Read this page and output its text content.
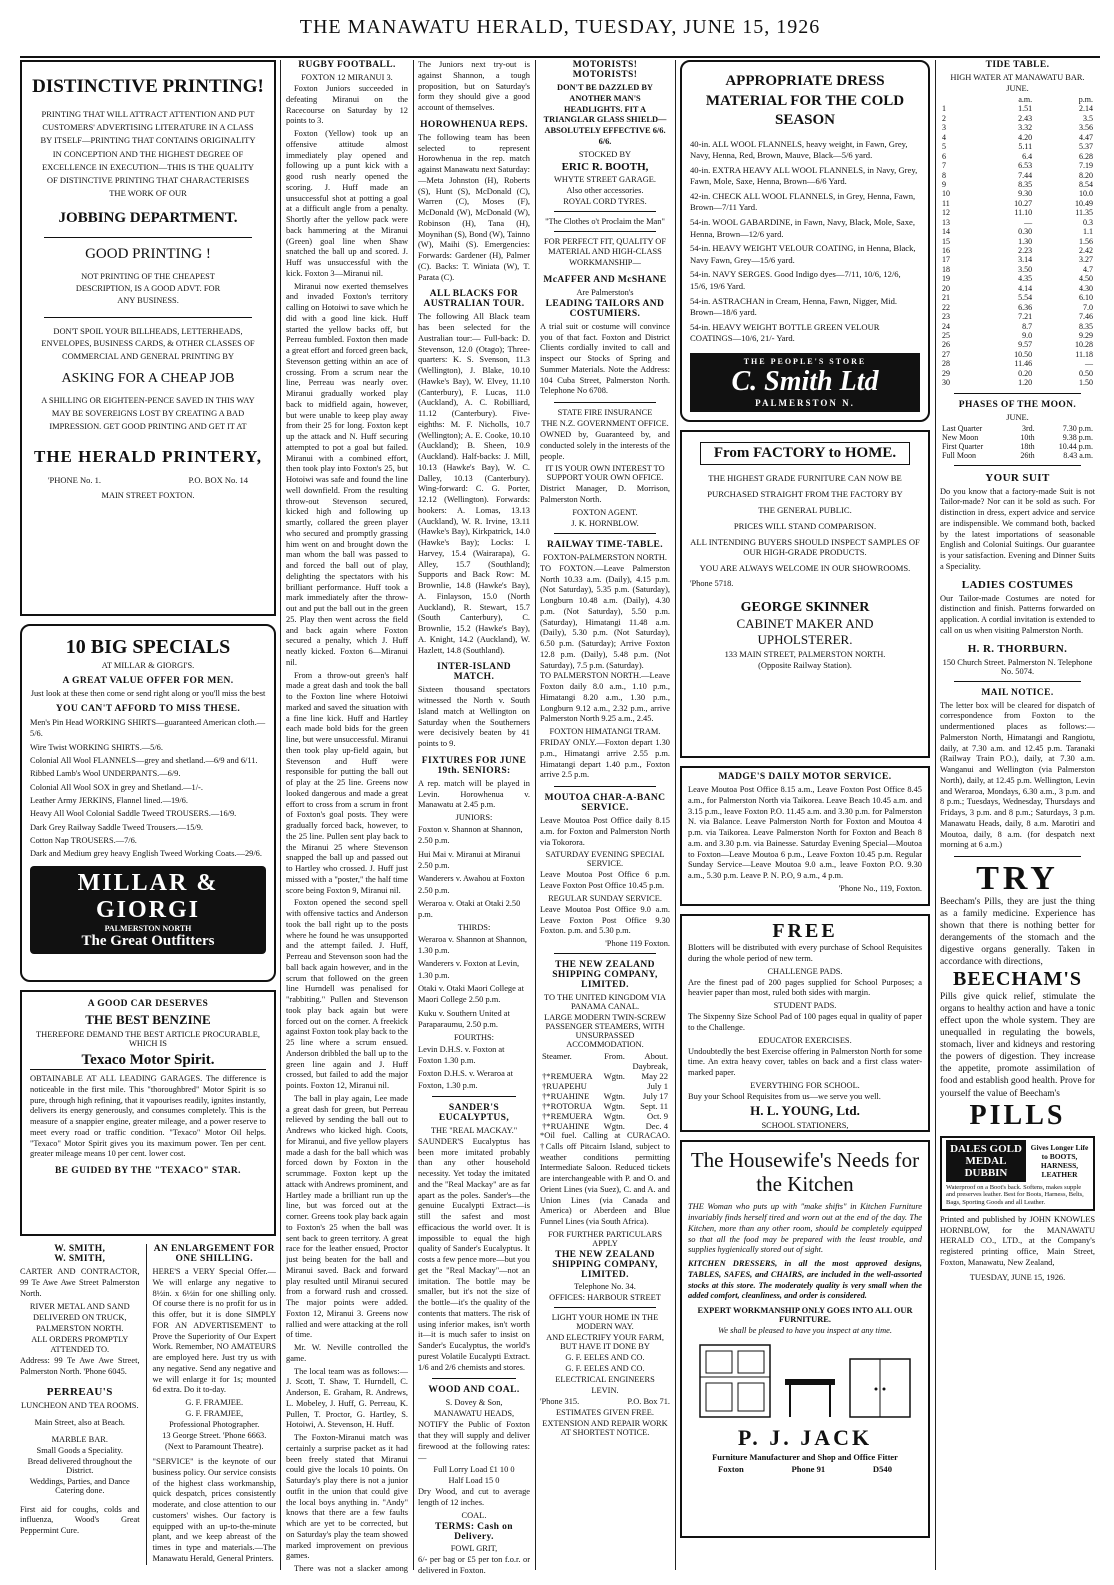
THE MANAWATU HERALD, TUESDAY, JUNE 15, 1926
DISTINCTIVE PRINTING!
PRINTING THAT WILL ATTRACT ATTENTION AND PUT CUSTOMERS' ADVERTISING LITERATURE IN A CLASS BY ITSELF—PRINTING THAT CONTAINS ORIGINALITY IN CONCEPTION AND THE HIGHEST DEGREE OF EXCELLENCE IN EXECUTION—THIS IS THE QUALITY OF DISTINCTIVE PRINTING THAT CHARACTERISES THE WORK OF OUR
JOBBING DEPARTMENT.
GOOD PRINTING !
NOT PRINTING OF THE CHEAPEST DESCRIPTION, IS A GOOD ADVT. FOR ANY BUSINESS.
DON'T SPOIL YOUR BILLHEADS, LETTERHEADS, ENVELOPES, BUSINESS CARDS, & OTHER CLASSES OF COMMERCIAL AND GENERAL PRINTING BY
ASKING FOR A CHEAP JOB
A SHILLING OR EIGHTEEN-PENCE SAVED IN THIS WAY MAY BE SOVEREIGNS LOST BY CREATING A BAD IMPRESSION. GET GOOD PRINTING AND GET IT AT
THE HERALD PRINTERY,
'PHONE No. 1.	P.O. BOX No. 14
MAIN STREET FOXTON.
10 BIG SPECIALS
AT MILLAR & GIORGI'S.
A GREAT VALUE OFFER FOR MEN.
Just look at these then come or send right along or you'll miss the best
YOU CAN'T AFFORD TO MISS THESE.
Men's Pin Head WORKING SHIRTS—guaranteed American cloth.—5/6.
Wire Twist WORKING SHIRTS.—5/6.
Colonial All Wool FLANNELS—grey and shetland.—6/9 and 6/11.
Ribbed Lamb's Wool UNDERPANTS.—6/9.
Colonial All Wool SOX in grey and Shetland.—1/-.
Leather Army JERKINS, Flannel lined.—19/6.
Heavy All Wool Colonial Saddle Tweed TROUSERS.—16/9.
Dark Grey Railway Saddle Tweed Trousers.—15/9.
Cotton Nap TROUSERS.—7/6.
Dark and Medium grey heavy English Tweed Working Coats.—29/6.
MILLAR & GIORGI
PALMERSTON NORTH
The Great Outfitters
A GOOD CAR DESERVES
THE BEST BENZINE
THEREFORE DEMAND THE BEST ARTICLE PROCURABLE, WHICH IS
Texaco Motor Spirit.
OBTAINABLE AT ALL LEADING GARAGES. The difference is noticeable in the first mile. This "thoroughbred" Motor Spirit is so pure, through high refining, that it vapourises readily, ignites instantly, delivers its energy generously, and consumes completely. This is the measure of a snappier engine, greater mileage, and a power reserve to meet every road or traffic condition. "Texaco" Motor Oil helps. "Texaco" Motor Spirit gives you its maximum power. Ten per cent. greater mileage means 10 per cent. lower cost.
BE GUIDED BY THE "TEXACO" STAR.
W. SMITH,
W. SMITH,
CARTER AND CONTRACTOR, 99 Te Awe Awe Street Palmerston North.
RIVER METAL AND SAND DELIVERED ON TRUCK, PALMERSTON NORTH.
ALL ORDERS PROMPTLY ATTENDED TO.
Address: 99 Te Awe Awe Street, Palmerston North. 'Phone 6045.
PERREAU'S
LUNCHEON AND TEA ROOMS.
Main Street, also at Beach.
MARBLE BAR.
Small Goods a Speciality.
Bread delivered throughout the District.
Weddings, Parties, and Dance Catering done.
First aid for coughs, colds and influenza, Wood's Great Peppermint Cure.
AN ENLARGEMENT FOR ONE SHILLING.
HERE'S a VERY Special Offer.—We will enlarge any negative to 8½in. x 6½in for one shilling only. Of course there is no profit for us in this offer, but it is done SIMPLY FOR AN ADVERTISEMENT to Prove the Superiority of Our Expert Work. Remember, NO AMATEURS are employed here. Just try us with any negative. Send any negative and we will enlarge it for 1s; mounted 6d extra. Do it to-day.
G. F. FRAMJEE.
G. F. FRAMJEE,
Professional Photographer.
13 George Street. 'Phone 6663.
(Next to Paramount Theatre).
"SERVICE" is the keynote of our business policy. Our service consists of the highest class workmanship, quick despatch, prices consistently moderate, and close attention to our customers' wishes. Our factory is equipped with an up-to-the-minute plant, and we keep abreast of the times in type and materials.—The Manawatu Herald, General Printers.
RUGBY FOOTBALL.
FOXTON 12 MIRANUI 3.

Foxton Juniors succeeded in defeating Miranui on the Racecourse on Saturday by 12 points to 3.

Foxton (Yellow) took up an offensive attitude almost immediately play opened and following up a punt kick with a good rush nearly opened the scoring. J. Huff made an unsuccessful shot at potting a goal at a difficult angle from a penalty. Shortly after the yellow pack were back hammering at the Miranui (Green) goal line when Shaw snatched the ball up and scored. J. Huff was unsuccessful with the kick. Foxton 3—Miranui nil.

Miranui now exerted themselves and invaded Foxton's territory calling on Hotoiwi to save which he did with a good line kick. Huff started the yellow backs off, but Perreau fumbled. Foxton then made a great effort and forced green back, Stevenson getting within an ace of crossing. From a scrum near the line, Perreau was nearly over. Miranui gradually worked play back to midfield again, however, but were unable to keep play away from their 25 for long. Foxton kept up the attack and N. Huff securing attempted to pot a goal but failed. Miranui with a combined effort, then took play into Foxton's 25, but Hotoiwi was safe and found the line well downfield. From the resulting throw-out Stevenson secured, kicked high and following up smartly, collared the green player who secured and promptly grassing him went on and brought down the man whom the ball was passed to and forced the ball out of play, delighting the spectators with his brilliant performance. Huff took a mark immediately after the throw-out and put the ball out in the green 25. Play then went across the field and back again where Foxton secured a penalty, which J. Huff neatly kicked. Foxton 6—Miranui nil.

From a throw-out green's half made a great dash and took the ball to the Foxton line where Hotoiwi marked and saved the situation with a fine line kick. Huff and Hartley each made bold bids for the green line, but were unsuccessful. Miranui then took play up-field again, but Stevenson and Huff were responsible for putting the ball out of play at the 25 line. Greens now looked dangerous and made a great effort to cross from a scrum in front of Foxton's goal posts. They were gradually forced back, however, to the 25 line. Pullen sent play back to the Miranui 25 where Stevenson snapped the ball up and passed out to Hartley who crossed. J. Huff just missed with a "poster," the half time score being Foxton 9, Miranui nil.

Foxton opened the second spell with offensive tactics and Anderson took the ball right up to the posts where he found he was unsupported and the attempt failed. J. Huff, Perreau and Stevenson soon had the ball back again however, and in the scrum that followed on the green line Hurndell was penalised for "rabbiting." Pullen and Stevenson took play back again but were forced out on the corner. A freekick against Foxton took play back to the 25 line where a scrum ensued. Anderson dribbled the ball up to the green line again and J. Huff crossed, but failed to add the major points. Foxton 12, Miranui nil.

The ball in play again, Lee made a great dash for green, but Perreau relieved by sending the ball out to Andrews who kicked high. Coots, for Miranui, and five yellow players made a dash for the ball which was forced down by Foxton in the scrummage. Foxton kept up the attack with Andrews prominent, and Hartley made a brilliant run up the line, but was forced out at the corner. Greens took play back again to Foxton's 25 when the ball was sent back to green territory. A great race for the leather ensued, Proctor just being beaten for the ball and Miranui saved. Back and forward play resulted until Miranui secured from a forward rush and crossed. The major points were added. Foxton 12, Miranui 3. Greens now rallied and were attacking at the roll of time.

Mr. W. Neville controlled the game.

The local team was as follows:—J. Scott, T. Shaw, T. Hurndell, C. Anderson, E. Graham, R. Andrews, L. Mobeley, J. Huff, G. Perreau, K. Pullen, T. Proctor, G. Hartley, S. Hotoiwi, A. Stevenson, H. Huff.

The Foxton-Miranui match was certainly a surprise packet as it had been freely stated that Miranui could give the locals 10 points. On Saturday's play there is not a junior outfit in the union that could give the local boys anything in. "Andy" knows that there are a few faults which are yet to be corrected, but on Saturday's play the team showed marked improvement on previous games.

There was not a slacker among

The Juniors next try-out is against Shannon, a tough proposition, but on Saturday's form they should give a good account of themselves.
HOROWHENUA REPS.
The following team has been selected to represent Horowhenua in the rep. match against Manawatu next Saturday:—Meta Johnston (H), Roberts (S), Hunt (S), McDonald (C), Warren (C), Moses (F), McDonald (W), McDonald (W), Robinson (H), Tana (H), Moynihan (S), Bond (W), Tainno (W), Maihi (S). Emergencies: Forwards: Gardener (H), Palmer (C). Backs: T. Winiata (W), T. Parata (C).
ALL BLACKS FOR AUSTRALIAN TOUR.
The following All Black team has been selected for the Australian tour:— Full-back: D. Stevenson, 12.0 (Otago); Three-quarters: K. S. Svenson, 11.3 (Wellington), J. Blake, 10.10 (Hawke's Bay), W. Elvey, 11.10 (Canterbury), F. Lucas, 11.0 (Auckland), A. C. Robilliard, 11.12 (Canterbury). Five-eighths: M. F. Nicholls, 10.7 (Wellington); A. E. Cooke, 10.10 (Auckland); B. Sheen, 10.9 (Auckland). Half-backs: J. Mill, 10.13 (Hawke's Bay), W. C. Dalley, 10.13 (Canterbury). Wing-forward: C. G. Porter, 12.12 (Wellington). Forwards: hookers: A. Lomas, 13.13 (Auckland), W. R. Irvine, 13.11 (Hawke's Bay), Kirkpatrick, 14.0 (Hawke's Bay); Locks: I. Harvey, 15.4 (Wairarapa), G. Alley, 15.7 (Southland); Supports and Back Row: M. Brownlie, 14.8 (Hawke's Bay), A. Finlayson, 15.0 (North Auckland), R. Stewart, 15.7 (South Canterbury), C. Brownlie, 15.2 (Hawke's Bay), A. Knight, 14.2 (Auckland), W. Hazlett, 14.8 (Southland).
INTER-ISLAND MATCH.
Sixteen thousand spectators witnessed the North v. South Island match at Wellington on Saturday when the Southerners were decisively beaten by 41 points to 9.
FIXTURES FOR JUNE 19th. SENIORS:
A rep. match will be played in Levin. Horowhenua v. Manawatu at 2.45 p.m.
JUNIORS:
Foxton v. Shannon at Shannon, 2.50 p.m.
Hui Mai v. Miranui at Miranui 2.50 p.m.
Wanderers v. Awahou at Foxton 2.50 p.m.
Weraroa v. Otaki at Otaki 2.50 p.m.
THIRDS:
Weraroa v. Shannon at Shannon, 1.30 p.m.
Wanderers v. Foxton at Levin, 1.30 p.m.
Otaki v. Otaki Maori College at Maori College 2.50 p.m.
Kuku v. Southern United at Paraparaumu, 2.50 p.m.
FOURTHS:
Levin D.H.S. v. Foxton at Foxton 1.30 p.m.
Foxton D.H.S. v. Weraroa at Foxton, 1.30 p.m.
SANDER'S EUCALYPTUS,
THE "REAL MACKAY."
SAUNDER'S Eucalyptus has been more imitated probably than any other household necessity. Yet today the imitated and the "Real Mackay" are as far apart as the poles. Sander's—the genuine Eucalypti Extract—is still the safest and most efficacious the world over. It is impossible to equal the high quality of Sander's Eucalyptus. It costs a few pence more—but you get the "Real Mackay"—not an imitation. The bottle may be smaller, but it's not the size of the bottle—it's the quality of the contents that matters. The risk of using inferior makes, isn't worth it—it is much safer to insist on Sander's Eucalyptus, the world's purest Volatile Eucalypti Extract. 1/6 and 2/6 chemists and stores.
WOOD AND COAL.
S. Dovey & Son,
MANAWATU HEADS,
NOTIFY the Public of Foxton that they will supply and deliver firewood at the following rates:—
Full Lorry Load £1 10 0
Half Load 15 0
Dry Wood, and cut to average length of 12 inches.
COAL.
TERMS: Cash on Delivery.
FOWL GRIT,
6/- per bag or £5 per ton f.o.r. or delivered in Foxton.
MOTORISTS! MOTORISTS!
DON'T BE DAZZLED BY ANOTHER MAN'S HEADLIGHTS. FIT A TRIANGLAR GLASS SHIELD—ABSOLUTELY EFFECTIVE 6/6. 6/6.
STOCKED BY
ERIC R. BOOTH,
WHYTE STREET GARAGE.
Also other accessories.
ROYAL CORD TYRES.
"The Clothes o't Proclaim the Man"
FOR PERFECT FIT, QUALITY OF MATERIAL AND HIGH-CLASS WORKMANSHIP—
McAFFER AND McSHANE
Are Palmerston's
LEADING TAILORS AND COSTUMIERS.
A trial suit or costume will convince you of that fact. Foxton and District Clients cordially invited to call and inspect our Stocks of Spring and Summer Materials. Note the Address: 104 Cuba Street, Palmerston North. Telephone No 6708.
STATE FIRE INSURANCE
THE N.Z. GOVERNMENT OFFICE.
OWNED by, Guaranteed by, and conducted solely in the interests of the people.
IT IS YOUR OWN INTEREST TO SUPPORT YOUR OWN OFFICE.
District Manager, D. Morrison, Palmerston North.
FOXTON AGENT.
J. K. HORNBLOW.
RAILWAY TIME-TABLE.
FOXTON-PALMERSTON NORTH.
TO FOXTON.—Leave Palmerston North 10.33 a.m. (Daily), 4.15 p.m. (Not Saturday), 5.35 p.m. (Saturday), Longburn 10.48 a.m. (Daily), 4.30 p.m. (Not Saturday), 5.50 p.m. (Saturday), Himatangi 11.48 a.m. (Daily), 5.30 p.m. (Not Saturday), 6.50 p.m. (Saturday); Arrive Foxton 12.8 p.m. (Daily), 5.48 p.m. (Not Saturday), 7.5 p.m. (Saturday).
TO PALMERSTON NORTH.—Leave Foxton daily 8.0 a.m., 1.10 p.m., Himatangi 8.20 a.m., 1.30 p.m., Longburn 9.12 a.m., 2.32 p.m., arrive Palmerston North 9.25 a.m., 2.45.
FOXTON HIMATANGI TRAM.
FRIDAY ONLY.—Foxton depart 1.30 p.m., Himatangi arrive 2.55 p.m. Himatangi depart 1.40 p.m., Foxton arrive 2.5 p.m.
MOUTOA CHAR-A-BANC SERVICE.
Leave Moutoa Post Office daily 8.15 a.m. for Foxton and Palmerston North via Tokorora.
SATURDAY EVENING SPECIAL SERVICE.
Leave Moutoa Post Office 6 p.m. Leave Foxton Post Office 10.45 p.m.
REGULAR SUNDAY SERVICE.
Leave Moutoa Post Office 9.0 a.m. Leave Foxton Post Office 9.30 Foxton. p.m. and 5.30 p.m.
'Phone 119 Foxton.
THE NEW ZEALAND SHIPPING COMPANY, LIMITED.
TO THE UNITED KINGDOM VIA PANAMA CANAL.
LARGE MODERN TWIN-SCREW PASSENGER STEAMERS, WITH UNSURPASSED ACCOMMODATION.
Steamer.	From.	About.
		Daybreak,
†*REMUERA	Wgtn.	May 22
†RUAPEHU		July 1
†*RUAHINE	Wgtn.	July 17
†*ROTORUA	Wgtn.	Sept. 11
†*REMUERA	Wgtn.	Oct. 9
†*RUAHINE	Wgtn.	Dec. 4
*Oil fuel. Calling at CURACAO. †Calls off Pitcairn Island, subject to weather conditions permitting Intermediate Saloon. Reduced tickets are interchangeable with P. and O. and Orient Lines (via Suez), C. and A. and Union Lines (via Canada and America) or Aberdeen and Blue Funnel Lines (via South Africa).
FOR FURTHER PARTICULARS APPLY
THE NEW ZEALAND SHIPPING COMPANY, LIMITED.
Telephone No. 34.
OFFICES: HARBOUR STREET
LIGHT YOUR HOME IN THE MODERN WAY.
AND ELECTRIFY YOUR FARM, BUT HAVE IT DONE BY
G. F. EELES AND CO.
G. F. EELES AND CO.
ELECTRICAL ENGINEERS
LEVIN.
'Phone 315.	P.O. Box 71.
ESTIMATES GIVEN FREE.
EXTENSION AND REPAIR WORK AT SHORTEST NOTICE.
APPROPRIATE DRESS MATERIAL FOR THE COLD SEASON
40-in. ALL WOOL FLANNELS, heavy weight, in Fawn, Grey, Navy, Henna, Red, Brown, Mauve, Black—5/6 yard.
40-in. EXTRA HEAVY ALL WOOL FLANNELS, in Navy, Grey, Fawn, Mole, Saxe, Henna, Brown—6/6 Yard.
42-in. CHECK ALL WOOL FLANNELS, in Grey, Henna, Fawn, Brown—7/11 Yard.
54-in. WOOL GABARDINE, in Fawn, Navy, Black, Mole, Saxe, Henna, Brown—12/6 yard.
54-in. HEAVY WEIGHT VELOUR COATING, in Henna, Black, Navy Fawn, Grey—15/6 yard.
54-in. NAVY SERGES. Good Indigo dyes—7/11, 10/6, 12/6, 15/6, 19/6 Yard.
54-in. ASTRACHAN in Cream, Henna, Fawn, Nigger, Mid. Brown—18/6 yard.
54-in. HEAVY WEIGHT BOTTLE GREEN VELOUR COATINGS—10/6, 21/- Yard.
THE PEOPLE'S STORE
C. Smith Ltd
PALMERSTON N.
From FACTORY to HOME.
THE HIGHEST GRADE FURNITURE CAN NOW BE
PURCHASED STRAIGHT FROM THE FACTORY BY
THE GENERAL PUBLIC.
PRICES WILL STAND COMPARISON.
ALL INTENDING BUYERS SHOULD INSPECT SAMPLES OF OUR HIGH-GRADE PRODUCTS.
YOU ARE ALWAYS WELCOME IN OUR SHOWROOMS.
'Phone 5718.
GEORGE SKINNER
CABINET MAKER AND UPHOLSTERER.
133 MAIN STREET, PALMERSTON NORTH.
(Opposite Railway Station).
MADGE'S DAILY MOTOR SERVICE.
Leave Moutoa Post Office 8.15 a.m., Leave Foxton Post Office 8.45 a.m., for Palmerston North via Taikorea. Leave Beach 10.45 a.m. and 3.15 p.m., leave Foxton P.O. 11.45 a.m. and 3.30 p.m. for Palmerston N. via Balance. Leave Palmerston North for Foxton and Moutoa 4 p.m. via Taikorea. Leave Palmerston North for Foxton and Beach 8 a.m. and 3.30 p.m. via Bainesse. Saturday Evening Special—Moutoa to Foxton—Leave Moutoa 6 p.m., Leave Foxton 10.45 p.m. Regular Sunday Service—Leave Moutoa 9.0 a.m., leave Foxton P.O. 9.30 a.m., 5.30 p.m. Leave P. N. P.O, 9 a.m., 4 p.m.
'Phone No., 119, Foxton.
FREE
Blotters will be distributed with every purchase of School Requisites during the whole period of new term.
CHALLENGE PADS.
Are the finest pad of 200 pages supplied for School Purposes; a heavier paper than most, ruled both sides with margin.
STUDENT PADS.
The Sixpenny Size School Pad of 100 pages equal in quality of paper to the Challenge.
EDUCATOR EXERCISES.
Undoubtedly the best Exercise offering in Palmerston North for some time. An extra heavy cover, tables on back and a first class water-marked paper.
EVERYTHING FOR SCHOOL.
Buy your School Requisites from us—we serve you well.
H. L. YOUNG, Ltd.
SCHOOL STATIONERS,
The Housewife's Needs for the Kitchen
THE Woman who puts up with "make shifts" in Kitchen Furniture invariably finds herself tired and worn out at the end of the day. The Kitchen, more than any other room, should be completely equipped so that all the food may be prepared with the least trouble, and supplies hygienically stored out of sight.
KITCHEN DRESSERS, in all the most approved designs, TABLES, SAFES, and CHAIRS, are included in the well-assorted stocks at this store. The moderately quality is very small when the added comfort, cleanliness, and order is considered.
EXPERT WORKMANSHIP ONLY GOES INTO ALL OUR FURNITURE.
We shall be pleased to have you inspect at any time.
P. J. JACK
Furniture Manufacturer and Shop and Office Fitter
Foxton	Phone 91	D540
TIDE TABLE.
HIGH WATER AT MANAWATU BAR.
JUNE.
	a.m.	p.m.
1	1.51	2.14
2	2.43	3.5
3	3.32	3.56
4	4.20	4.47
5	5.11	5.37
6	6.4	6.28
7	6.53	7.19
8	7.44	8.20
9	8.35	8.54
10	9.30	10.0
11	10.27	10.49
12	11.10	11.35
13	—	0.3
14	0.30	1.1
15	1.30	1.56
16	2.23	2.42
17	3.14	3.27
18	3.50	4.7
19	4.35	4.50
20	4.14	4.30
21	5.54	6.10
22	6.36	7.0
23	7.21	7.46
24	8.7	8.35
25	9.0	9.29
26	9.57	10.28
27	10.50	11.18
28	11.46	—
29	0.20	0.50
30	1.20	1.50
PHASES OF THE MOON.
JUNE.
Last Quarter	3rd.	7.30 p.m.
New Moon	10th	9.38 p.m.
First Quarter	18th	10.44 p.m.
Full Moon	26th	8.43 a.m.
YOUR SUIT
Do you know that a factory-made Suit is not Tailor-made? Nor can it be sold as such. For distinction in dress, expert advice and service are indispensible. We command both, backed by the latest importations of seasonable English and Colonial Suitings. Our guarantee is your satisfaction. Evening and Dinner Suits a Speciality.
LADIES COSTUMES
Our Tailor-made Costumes are noted for distinction and finish. Patterns forwarded on application. A cordial invitation is extended to call on us when visiting Palmerston North.
H. R. THORBURN.
150 Church Street. Palmerston N. Telephone No. 5074.
MAIL NOTICE.
The letter box will be cleared for dispatch of correspondence from Foxton to the undermentioned places as follows:— Palmerston North, Himatangi and Rangiotu, daily, at 7.30 a.m. and 12.45 p.m. Taranaki (Railway Train P.O.), daily, at 7.30 a.m. Wanganui and Wellington (via Palmerston North), daily, at 12.45 p.m. Wellington, Levin and Weraroa, Mondays, 6.30 a.m., 3 p.m. and 8 p.m.; Tuesdays, Wednesday, Thursdays and Fridays, 3 p.m. and 8 p.m.; Saturdays, 3 p.m. Manawatu Heads, daily, 8 a.m. Marotiri and Moutoa, daily, 8 a.m. (for despatch next morning at 6 a.m.)
TRY
Beecham's Pills, they are just the thing as a family medicine. Experience has shown that there is nothing better for derangements of the stomach and the digestive organs generally. Taken in accordance with directions,
BEECHAM'S
Pills give quick relief, stimulate the organs to healthy action and have a tonic effect upon the whole system. They are unequalled in regulating the bowels, stomach, liver and kidneys and restoring the powers of digestion. They increase the appetite, promote assimilation of food and establish good health. Prove for yourself the value of Beecham's
PILLS
DALES GOLD MEDAL DUBBIN
Gives Longer Life to BOOTS, HARNESS, LEATHER
Waterproof on a Boot's back. Softens, makes supple and preserves leather. Best for Boots, Harness, Belts, Bags, Sporting Goods and all Leather.
Printed and published by JOHN KNOWLES HORNBLOW, for the MANAWATU HERALD CO., LTD., at the Company's registered printing office, Main Street, Foxton, Manawatu, New Zealand,
TUESDAY, JUNE 15, 1926.
